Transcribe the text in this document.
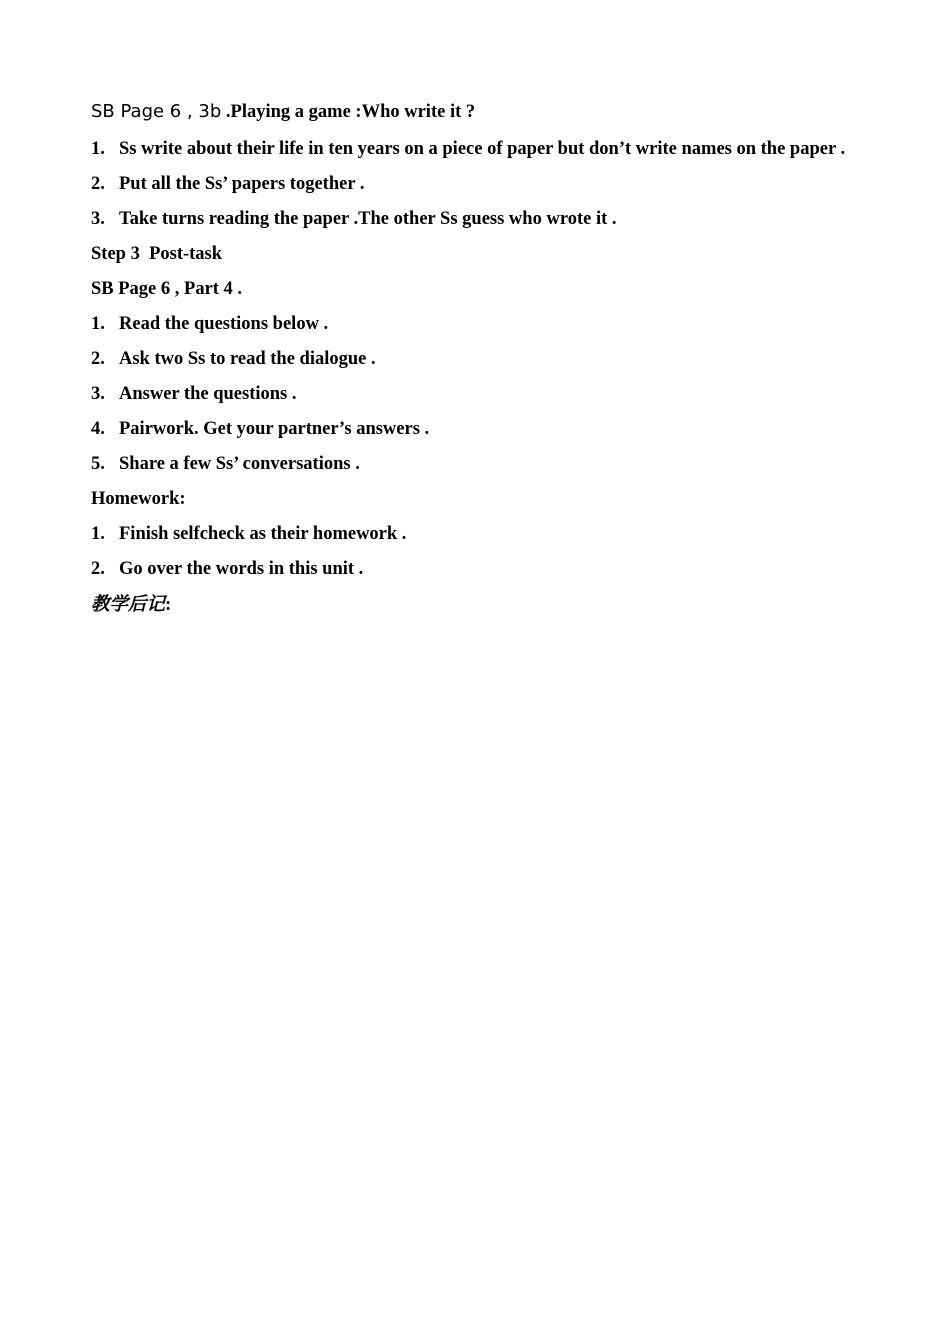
SB Page 6 , 3b .Playing a game :Who write it ?
1. Ss write about their life in ten years on a piece of paper but don’t write names on the paper .
2. Put all the Ss’ papers together .
3. Take turns reading the paper .The other Ss guess who wrote it .
Step 3  Post-task
SB Page 6 , Part 4 .
1. Read the questions below .
2. Ask two Ss to read the dialogue .
3. Answer the questions .
4. Pairwork. Get your partner’s answers .
5. Share a few Ss’ conversations .
Homework:
1. Finish selfcheck as their homework .
2. Go over the words in this unit .
教学后记:
